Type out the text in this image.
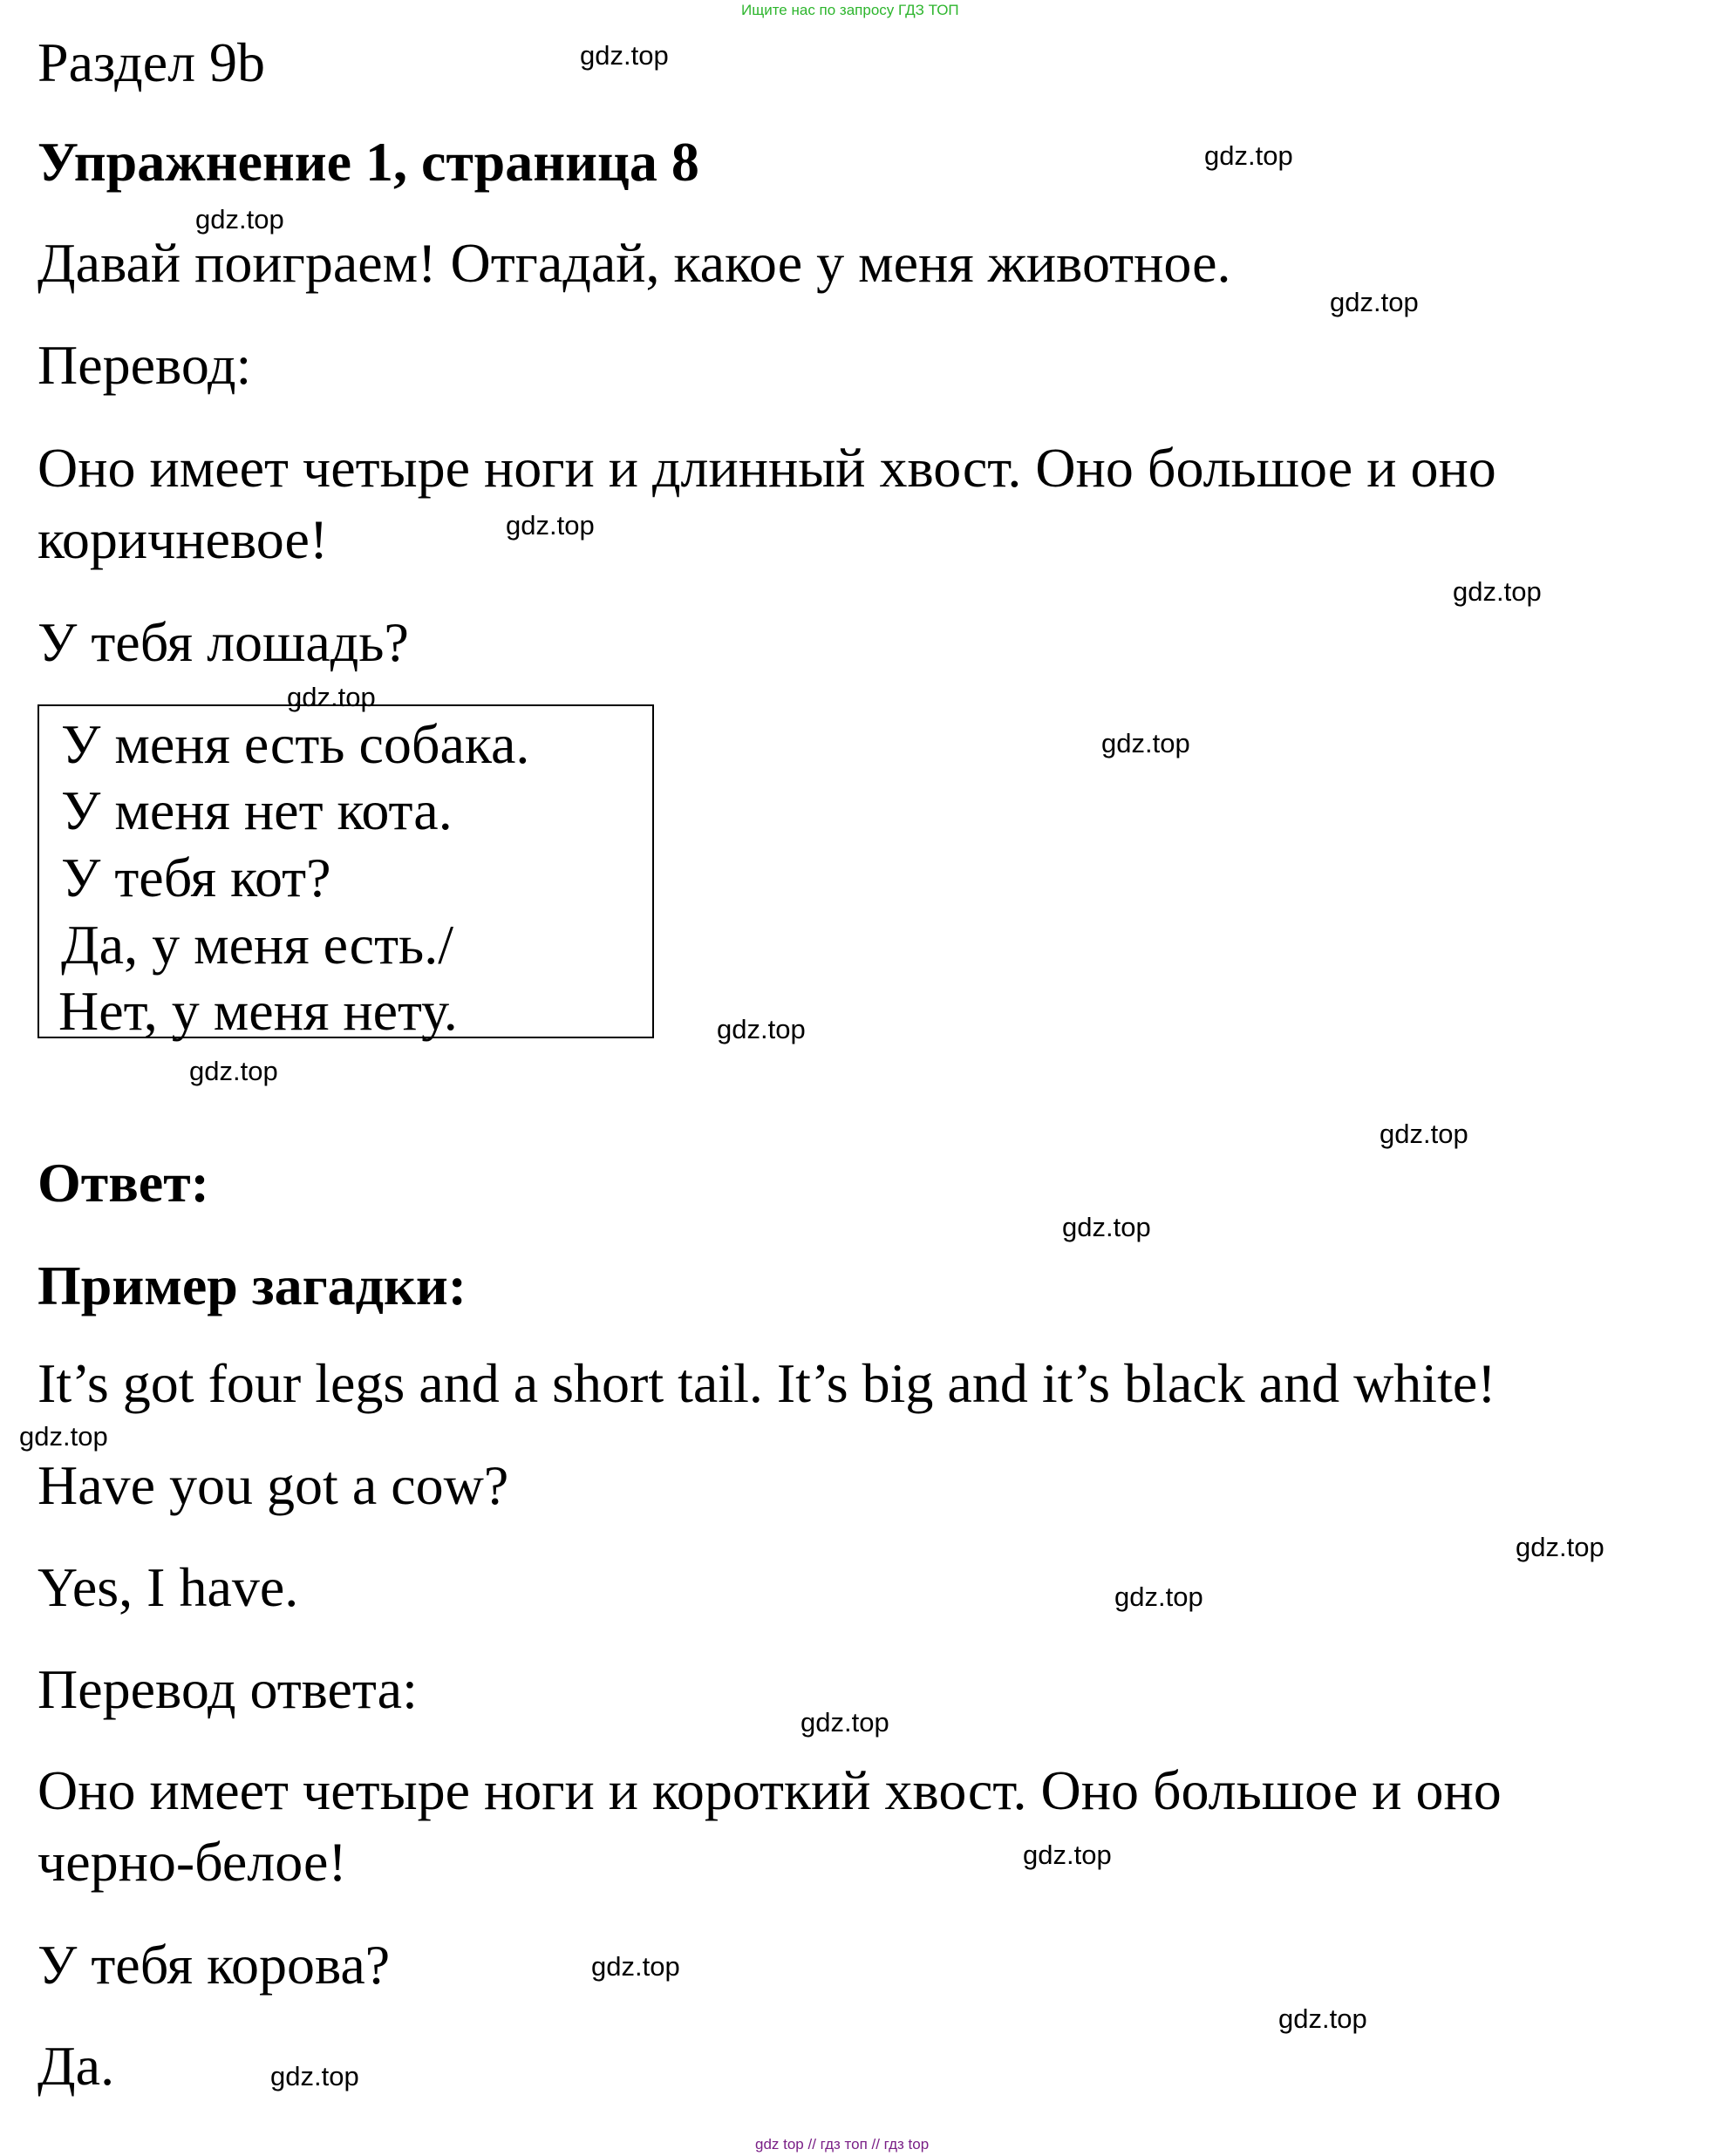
Ищите нас по запросу ГДЗ ТОП
Раздел 9b
Упражнение 1, страница 8
Давай поиграем! Отгадай, какое у меня животное.
Перевод:
Оно имеет четыре ноги и длинный хвост. Оно большое и оно
коричневое!
У тебя лошадь?
У меня есть собака.
У меня нет кота.
У тебя кот?
Да, у меня есть./
Нет, у меня нету.
Ответ:
Пример загадки:
It’s got four legs and a short tail. It’s big and it’s black and white!
Have you got a cow?
Yes, I have.
Перевод ответа:
Оно имеет четыре ноги и короткий хвост. Оно большое и оно
черно-белое!
У тебя корова?
Да.
gdz.top
gdz.top
gdz.top
gdz.top
gdz.top
gdz.top
gdz.top
gdz.top
gdz.top
gdz.top
gdz.top
gdz.top
gdz.top
gdz.top
gdz.top
gdz.top
gdz.top
gdz.top
gdz.top
gdz.top
gdz top // гдз топ // гдз top
